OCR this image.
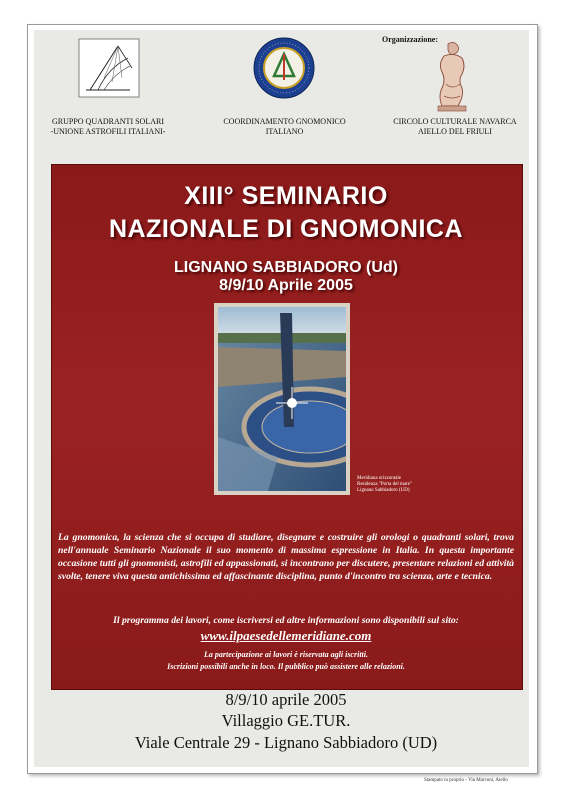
Organizzazione:
GRUPPO QUADRANTI SOLARI
-UNIONE ASTROFILI ITALIANI-
COORDINAMENTO GNOMONICO
ITALIANO
CIRCOLO CULTURALE NAVARCA
AIELLO DEL FRIULI
XIII° SEMINARIO
NAZIONALE DI GNOMONICA
LIGNANO SABBIADORO (Ud)
8/9/10 Aprile 2005
Meridiana orizzontale
Residenza "Porta del mare"
Lignano Sabbiadoro (UD)
La gnomonica, la scienza che si occupa di studiare, disegnare e costruire gli orologi o quadranti solari, trova nell'annuale Seminario Nazionale il suo momento di massima espressione in Italia. In questa importante occasione tutti gli gnomonisti, astrofili ed appassionati, si incontrano per discutere, presentare relazioni ed attività svolte, tenere viva questa antichissima ed affascinante disciplina, punto d'incontro tra scienza, arte e tecnica.
Il programma dei lavori, come iscriversi ed altre informazioni sono disponibili sul sito:
www.ilpaesedellemeridiane.com
La partecipazione ai lavori è riservata agli iscritti.
Iscrizioni possibili anche in loco. Il pubblico può assistere alle relazioni.
8/9/10 aprile 2005
Villaggio GE.TUR.
Viale Centrale 29 - Lignano Sabbiadoro (UD)
Stampato in proprio - Via Marconi, Aiello
